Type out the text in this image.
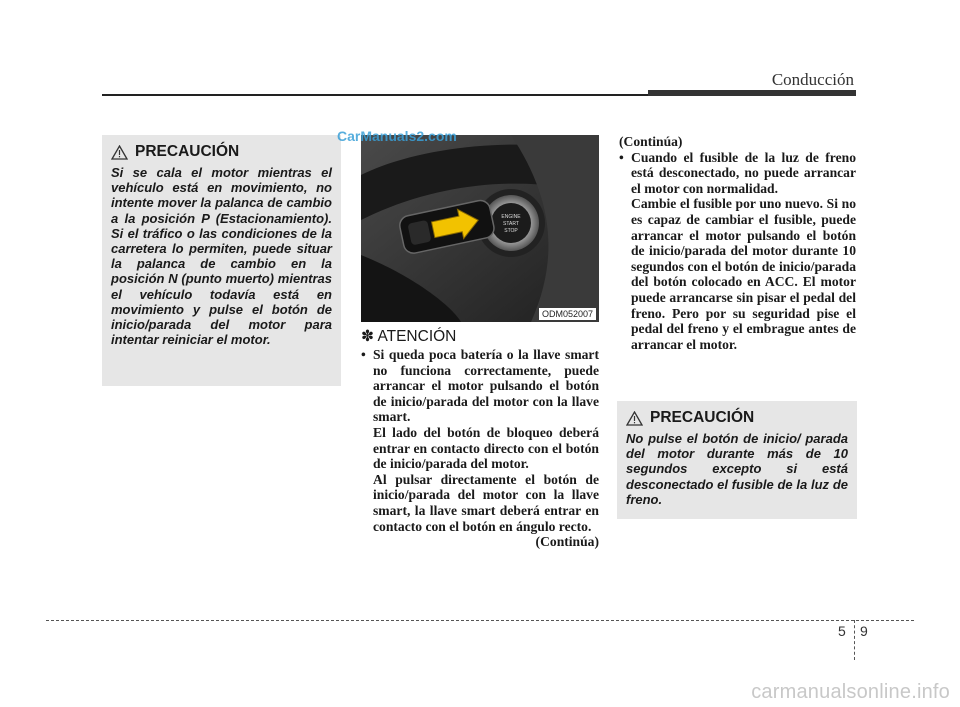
Conducción
PRECAUCIÓN
Si se cala el motor mientras el vehículo está en movimiento, no intente mover la palanca de cambio a la posición P (Estacionamiento). Si el tráfico o las condiciones de la carretera lo permiten, puede situar la palanca de cambio en la posición N (punto muerto) mientras el vehículo todavía está en movimiento y pulse el botón de inicio/parada del motor para intentar reiniciar el motor.
ENGINE
START
STOP
ODM052007
✽ ATENCIÓN
• Si queda poca batería o la llave smart no funciona correctamente, puede arrancar el motor pulsando el botón de inicio/parada del motor con la llave smart.
El lado del botón de bloqueo deberá entrar en contacto directo con el botón de inicio/parada del motor.
Al pulsar directamente el botón de inicio/parada del motor con la llave smart, la llave smart deberá entrar en contacto con el botón en ángulo recto.
(Continúa)
(Continúa)
• Cuando el fusible de la luz de freno está desconectado, no puede arrancar el motor con normalidad.
Cambie el fusible por uno nuevo. Si no es capaz de cambiar el fusible, puede arrancar el motor pulsando el botón de inicio/parada del motor durante 10 segundos con el botón de inicio/parada del botón colocado en ACC. El motor puede arrancarse sin pisar el pedal del freno. Pero por su seguridad pise el pedal del freno y el embrague antes de arrancar el motor.
PRECAUCIÓN
No pulse el botón de inicio/ parada del motor durante más de 10 segundos excepto si está desconectado el fusible de la luz de freno.
CarManuals2.com
5 9
carmanualsonline.info
